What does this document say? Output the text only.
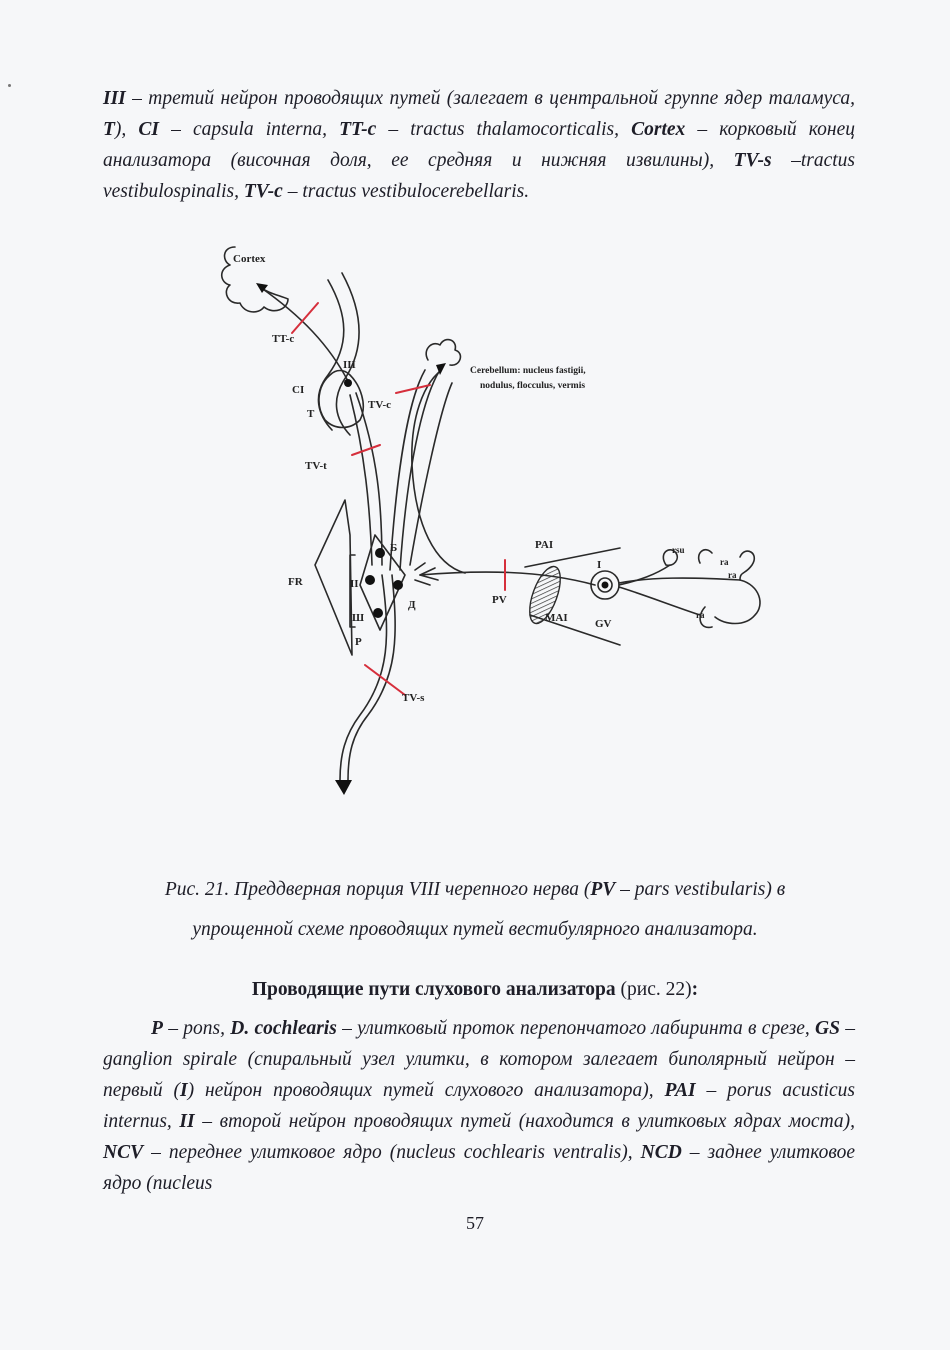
III – третий нейрон проводящих путей (залегает в центральной группе ядер таламуса, T), CI – capsula interna, TT-c – tractus thalamocorticalis, Cortex – корковый конец анализатора (височная доля, ее средняя и нижняя извилины), TV-s –tractus vestibulospinalis, TV-c – tractus vestibulocerebellaris.
Cortex
TT-c
CI
III
T
TV-c
TV-t
Cerebellum: nucleus fastigii,
nodulus, flocculus, vermis
FR	II
Б
Ш
Д
P
PV
PAI
MAI
I
GV
rsu
ra
ra
ra
TV-s
Рис. 21. Преддверная порция VIII черепного нерва (PV – pars vestibularis) в
упрощенной схеме проводящих путей вестибулярного анализатора.
Проводящие пути слухового анализатора (рис. 22):
P – pons, D. cochlearis – улитковый проток перепончатого лабиринта в срезе, GS – ganglion spirale (спиральный узел улитки, в котором залегает биполярный нейрон – первый (I) нейрон проводящих путей слухового анализатора), PAI – porus acusticus internus, II – второй нейрон проводящих путей (находится в улитковых ядрах моста), NCV – переднее улитковое ядро (nucleus cochlearis ventralis), NCD – заднее улитковое ядро (nucleus
57
